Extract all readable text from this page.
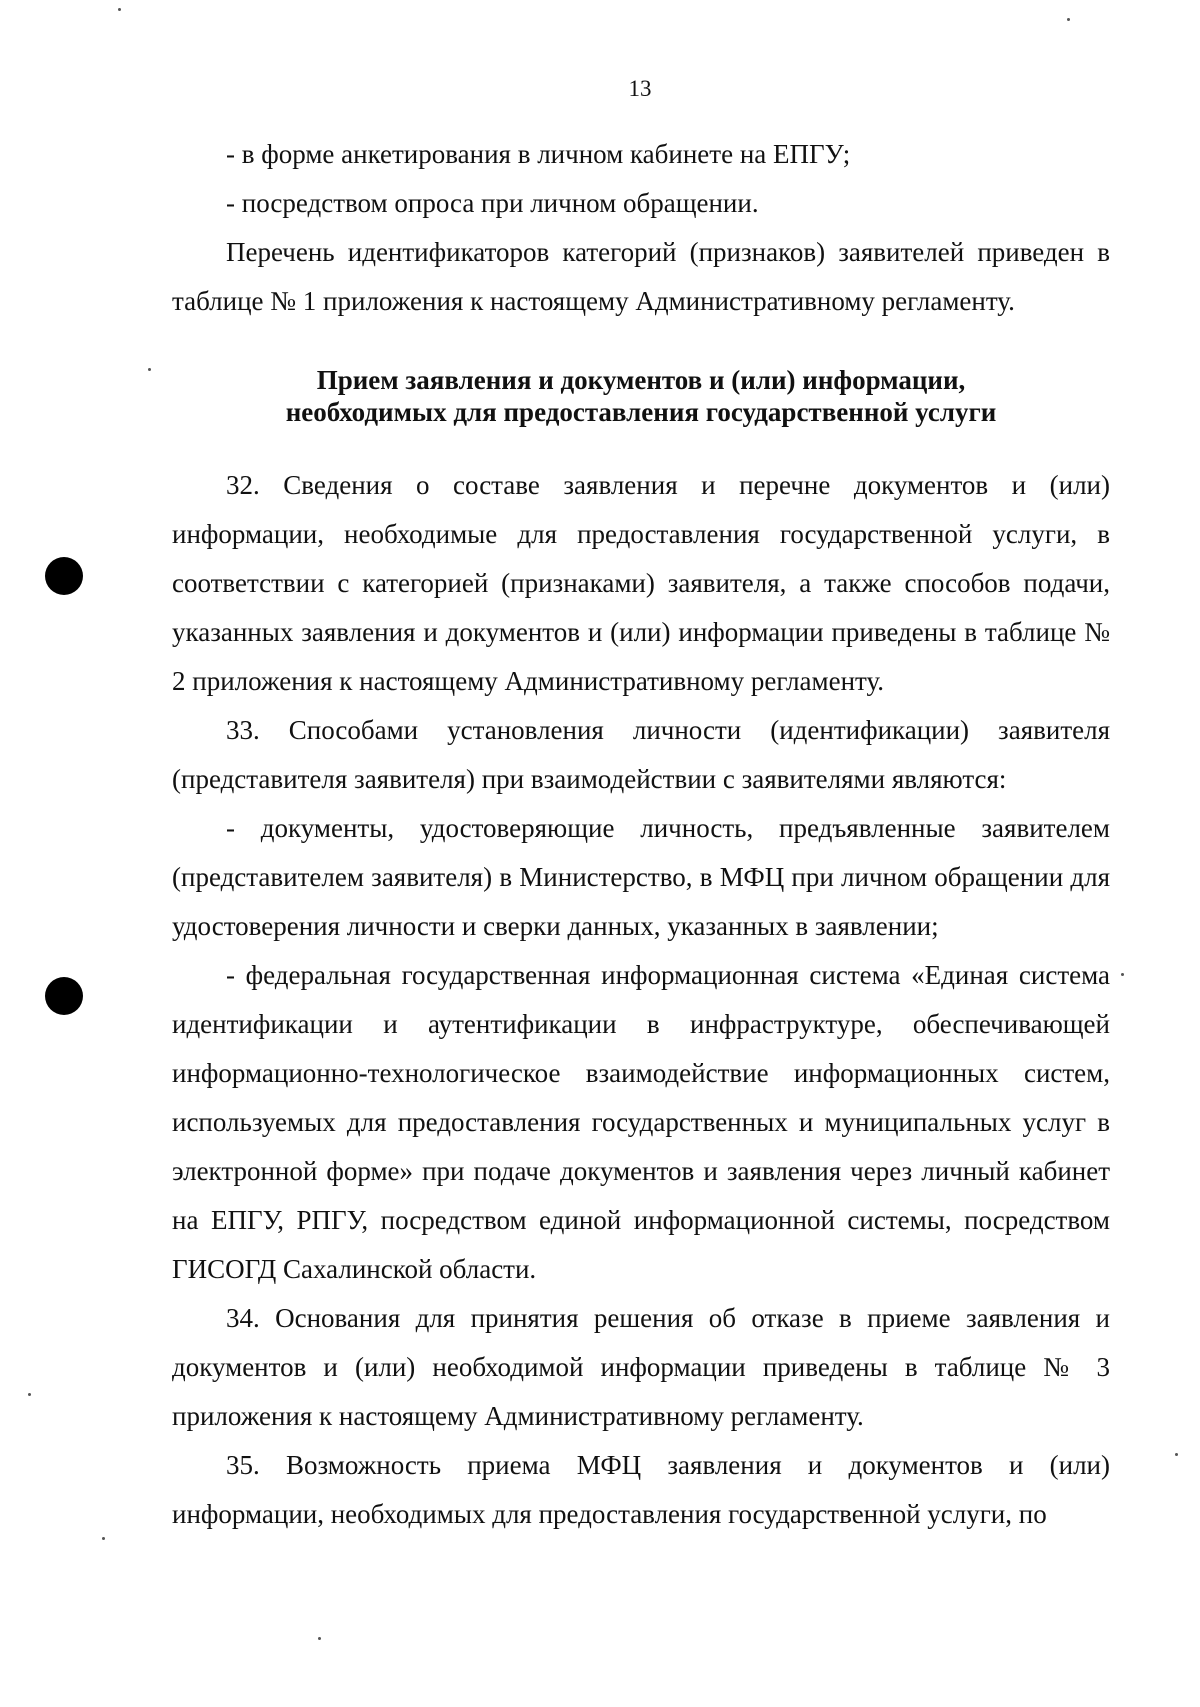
13

- в форме анкетирования в личном кабинете на ЕПГУ;

- посредством опроса при личном обращении.

Перечень идентификаторов категорий (признаков) заявителей приведен в таблице № 1 приложения к настоящему Административному регламенту.

Прием заявления и документов и (или) информации,
необходимых для предоставления государственной услуги

32. Сведения о составе заявления и перечне документов и (или) информации, необходимые для предоставления государственной услуги, в соответствии с категорией (признаками) заявителя, а также способов подачи, указанных заявления и документов и (или) информации приведены в таблице № 2 приложения к настоящему Административному регламенту.

33. Способами установления личности (идентификации) заявителя (представителя заявителя) при взаимодействии с заявителями являются:

- документы, удостоверяющие личность, предъявленные заявителем (представителем заявителя) в Министерство, в МФЦ при личном обращении для удостоверения личности и сверки данных, указанных в заявлении;

- федеральная государственная информационная система «Единая система идентификации и аутентификации в инфраструктуре, обеспечивающей информационно-технологическое взаимодействие информационных систем, используемых для предоставления государственных и муниципальных услуг в электронной форме» при подаче документов и заявления через личный кабинет на ЕПГУ, РПГУ, посредством единой информационной системы, посредством ГИСОГД Сахалинской области.

34. Основания для принятия решения об отказе в приеме заявления и документов и (или) необходимой информации приведены в таблице № 3 приложения к настоящему Административному регламенту.

35. Возможность приема МФЦ заявления и документов и (или) информации, необходимых для предоставления государственной услуги, по
